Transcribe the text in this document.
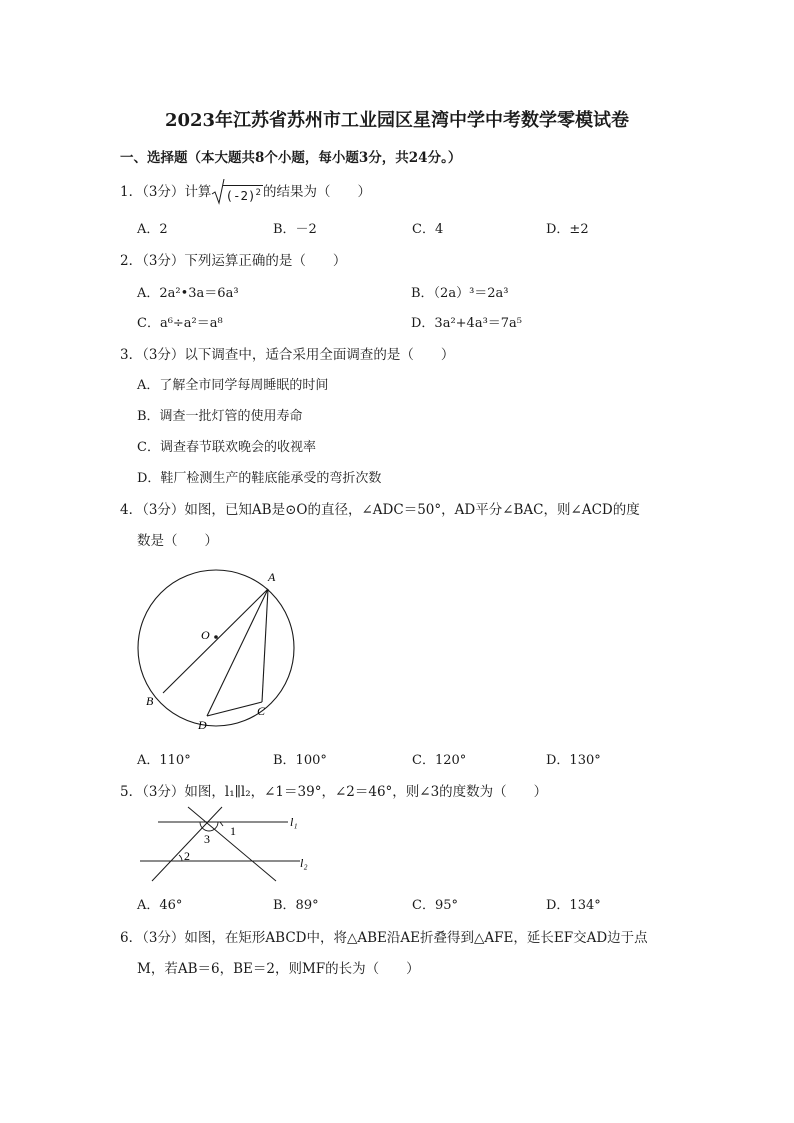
2023年江苏省苏州市工业园区星湾中学中考数学零模试卷
一、选择题（本大题共8个小题，每小题3分，共24分。）
1．（3分）计算 $(-2)^2$ 的结果为（　　）
A．2	B．－2	C．4	D．±2
2．（3分）下列运算正确的是（　　）
A．2a²•3a＝6a³	B．（2a）³＝2a³
C．a⁶÷a²＝a⁸	D．3a²+4a³＝7a⁵
3．（3分）以下调查中，适合采用全面调查的是（　　）
A．了解全市同学每周睡眠的时间
B．调查一批灯管的使用寿命
C．调查春节联欢晚会的收视率
D．鞋厂检测生产的鞋底能承受的弯折次数
4．（3分）如图，已知AB是⊙O的直径，∠ADC＝50°，AD平分∠BAC，则∠ACD的度
数是（　　）
A
B
C
D
O
A．110°	B．100°	C．120°	D．130°
5．（3分）如图，l₁∥l₂，∠1＝39°，∠2＝46°，则∠3的度数为（　　）
l₁
l₂
1
2
3
A．46°	B．89°	C．95°	D．134°
6．（3分）如图，在矩形ABCD中，将△ABE沿AE折叠得到△AFE，延长EF交AD边于点
M，若AB＝6，BE＝2，则MF的长为（　　）
